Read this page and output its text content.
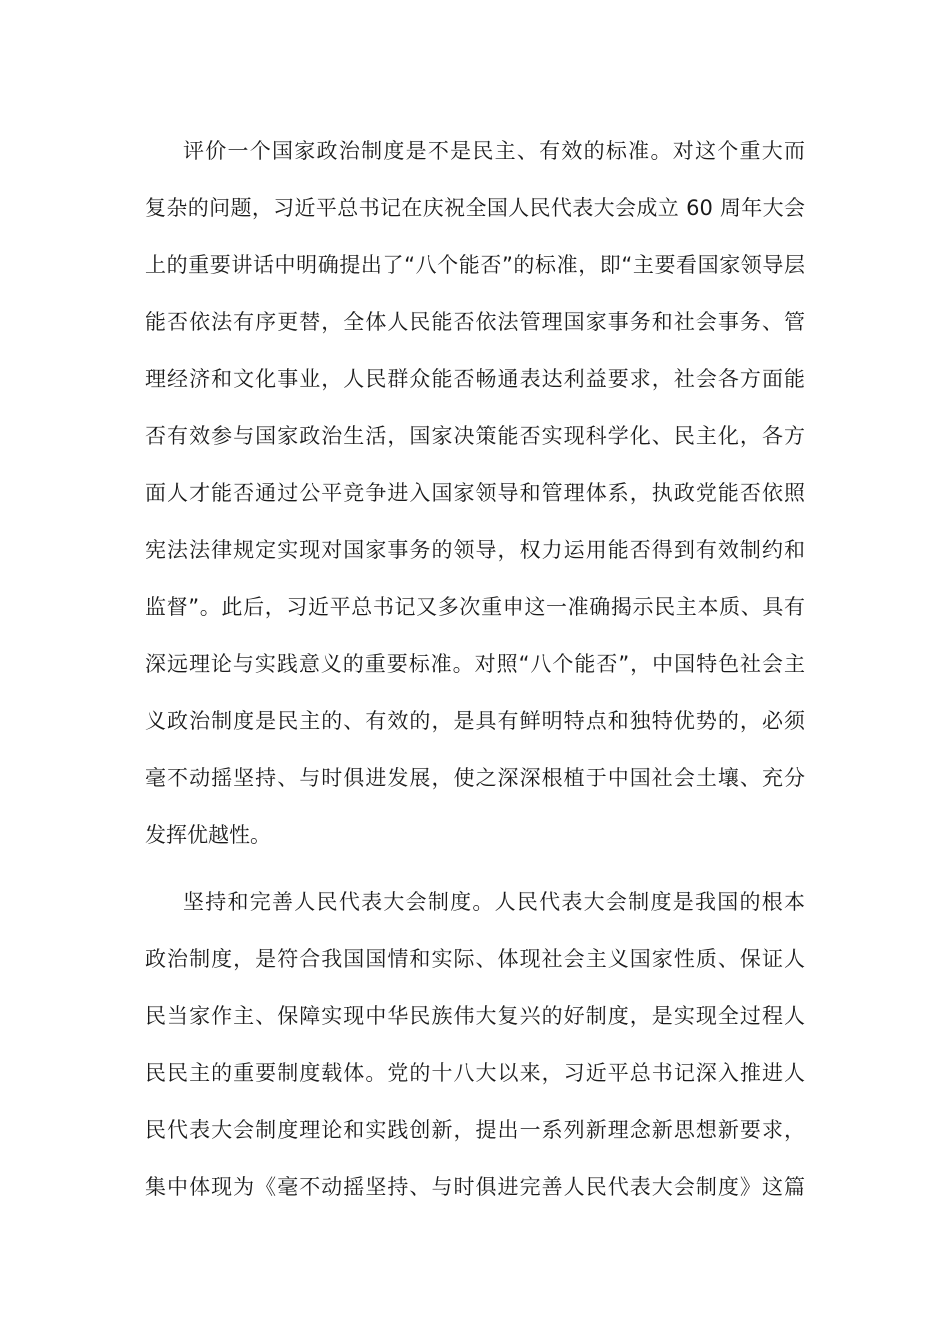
评价一个国家政治制度是不是民主、有效的标准。对这个重大而
复杂的问题，习近平总书记在庆祝全国人民代表大会成立 60 周年大会
上的重要讲话中明确提出了“八个能否”的标准，即“主要看国家领导层
能否依法有序更替，全体人民能否依法管理国家事务和社会事务、管
理经济和文化事业，人民群众能否畅通表达利益要求，社会各方面能
否有效参与国家政治生活，国家决策能否实现科学化、民主化，各方
面人才能否通过公平竞争进入国家领导和管理体系，执政党能否依照
宪法法律规定实现对国家事务的领导，权力运用能否得到有效制约和
监督”。此后，习近平总书记又多次重申这一准确揭示民主本质、具有
深远理论与实践意义的重要标准。对照“八个能否”，中国特色社会主
义政治制度是民主的、有效的，是具有鲜明特点和独特优势的，必须
毫不动摇坚持、与时俱进发展，使之深深根植于中国社会土壤、充分
发挥优越性。
坚持和完善人民代表大会制度。人民代表大会制度是我国的根本
政治制度，是符合我国国情和实际、体现社会主义国家性质、保证人
民当家作主、保障实现中华民族伟大复兴的好制度，是实现全过程人
民民主的重要制度载体。党的十八大以来，习近平总书记深入推进人
民代表大会制度理论和实践创新，提出一系列新理念新思想新要求，
集中体现为《毫不动摇坚持、与时俱进完善人民代表大会制度》这篇
